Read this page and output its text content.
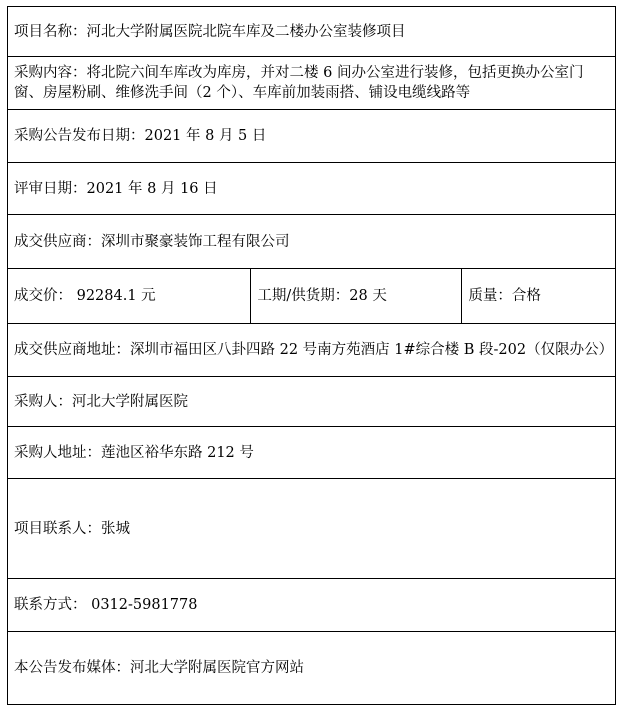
项目名称：河北大学附属医院北院车库及二楼办公室装修项目
采购内容：将北院六间车库改为库房，并对二楼 6 间办公室进行装修，包括更换办公室门窗、房屋粉刷、维修洗手间（2 个）、车库前加装雨搭、铺设电缆线路等
采购公告发布日期：2021 年 8 月 5 日
评审日期：2021 年 8 月 16 日
成交供应商：深圳市聚豪装饰工程有限公司
成交价： 92284.1 元	工期/供货期：28 天	质量：合格
成交供应商地址：深圳市福田区八卦四路 22 号南方苑酒店 1#综合楼 B 段-202（仅限办公）
采购人：河北大学附属医院
采购人地址：莲池区裕华东路 212 号
项目联系人：张城
联系方式： 0312-5981778
本公告发布媒体：河北大学附属医院官方网站
